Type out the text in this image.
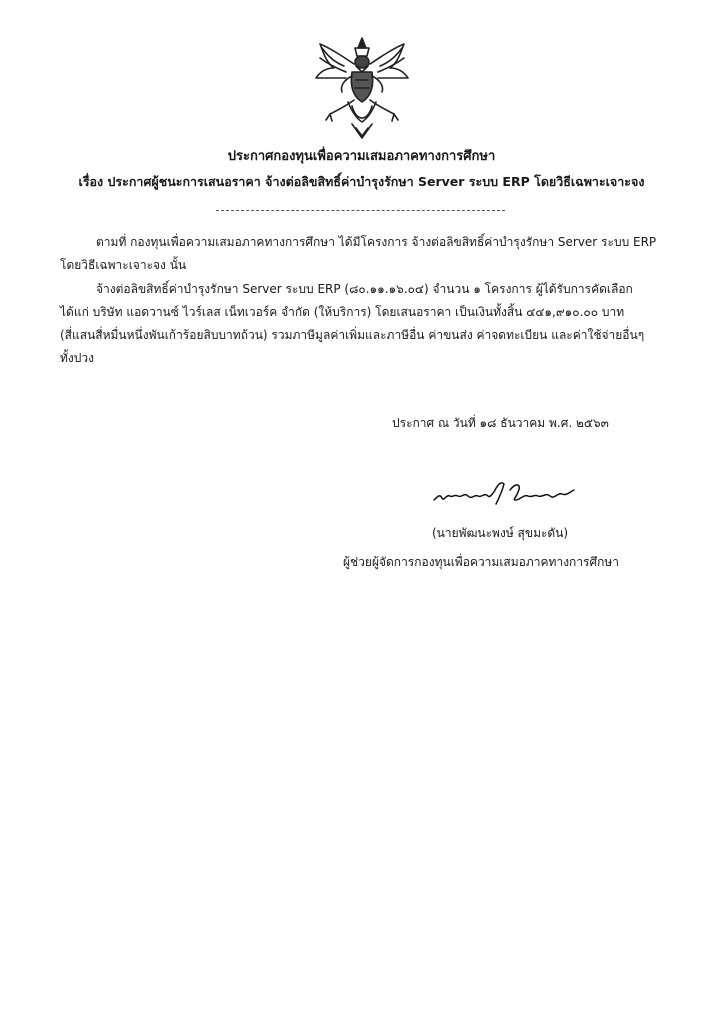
ประกาศกองทุนเพื่อความเสมอภาคทางการศึกษา
เรื่อง ประกาศผู้ชนะการเสนอราคา จ้างต่อลิขสิทธิ์ค่าบำรุงรักษา Server ระบบ ERP โดยวิธีเฉพาะเจาะจง
ตามที่ กองทุนเพื่อความเสมอภาคทางการศึกษา ได้มีโครงการ จ้างต่อลิขสิทธิ์ค่าบำรุงรักษา Server ระบบ ERP
โดยวิธีเฉพาะเจาะจง นั้น
จ้างต่อลิขสิทธิ์ค่าบำรุงรักษา Server ระบบ ERP (๘๐.๑๑.๑๖.๐๔) จำนวน ๑ โครงการ ผู้ได้รับการคัดเลือก
ได้แก่ บริษัท แอดวานซ์ ไวร์เลส เน็ทเวอร์ค จำกัด (ให้บริการ) โดยเสนอราคา เป็นเงินทั้งสิ้น ๔๔๑,๙๑๐.๐๐ บาท
(สี่แสนสี่หมื่นหนึ่งพันเก้าร้อยสิบบาทถ้วน) รวมภาษีมูลค่าเพิ่มและภาษีอื่น ค่าขนส่ง ค่าจดทะเบียน และค่าใช้จ่ายอื่นๆ
ทั้งปวง
ประกาศ ณ วันที่ ๑๘ ธันวาคม พ.ศ. ๒๕๖๓
(นายพัฒนะพงษ์ สุขมะดัน)
ผู้ช่วยผู้จัดการกองทุนเพื่อความเสมอภาคทางการศึกษา
